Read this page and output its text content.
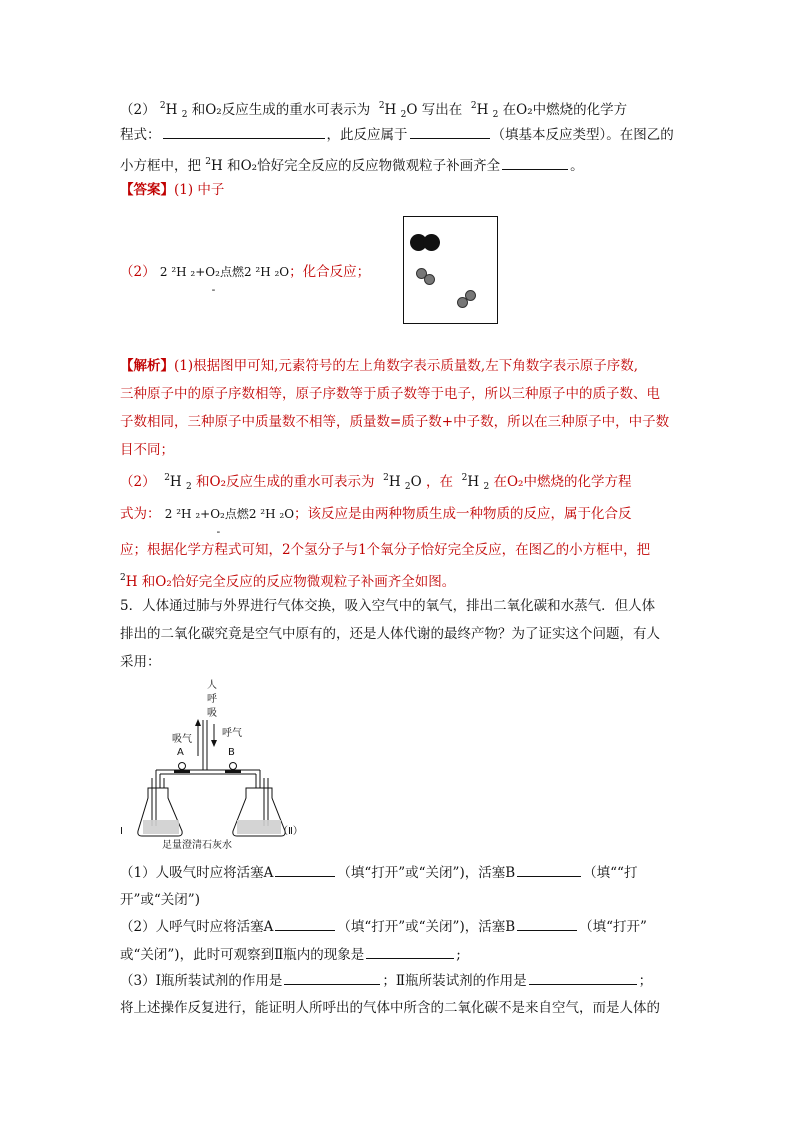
（2） $^2$H $_2$ 和O₂反应生成的重水可表示为 $^2$H $_2$O 写出在 $^2$H $_2$ 在O₂中燃烧的化学方
程式：	，此反应属于	（填基本反应类型）。在图乙的
小方框中，把 $^2$H 和O₂恰好完全反应的反应物微观粒子补画齐全	。
【答案】(1) 中子
（2） 2 ²H ₂+O₂点燃2 ²H ₂O -；化合反应；
【解析】(1)根据图甲可知,元素符号的左上角数字表示质量数,左下角数字表示原子序数,
三种原子中的原子序数相等，原子序数等于质子数等于电子，所以三种原子中的质子数、电
子数相同，三种原子中质量数不相等，质量数=质子数+中子数，所以在三种原子中，中子数
目不同；
（2） $^2$H $_2$ 和O₂反应生成的重水可表示为 $^2$H $_2$O ，在 $^2$H $_2$ 在O₂中燃烧的化学方程
式为： 2 ²H ₂+O₂点燃2 ²H ₂O -；该反应是由两种物质生成一种物质的反应，属于化合反
应；根据化学方程式可知，2个氢分子与1个氧分子恰好完全反应，在图乙的小方框中，把
$^2$H 和O₂恰好完全反应的反应物微观粒子补画齐全如图。
5．人体通过肺与外界进行气体交换，吸入空气中的氧气，排出二氧化碳和水蒸气．但人体
排出的二氧化碳究竟是空气中原有的，还是人体代谢的最终产物？为了证实这个问题，有人
采用：
人
呼
吸
吸气
呼气
A	B
Ⅰ	（Ⅱ）
足量澄清石灰水
（1）人吸气时应将活塞A	（填“打开”或“关闭”)，活塞B	（填““打
开”或“关闭”)
（2）人呼气时应将活塞A	（填“打开”或“关闭”)，活塞B	（填“打开”
或“关闭”)，此时可观察到Ⅱ瓶内的现象是	;
（3）Ⅰ瓶所装试剂的作用是	；Ⅱ瓶所装试剂的作用是	；
将上述操作反复进行，能证明人所呼出的气体中所含的二氧化碳不是来自空气，而是人体的
